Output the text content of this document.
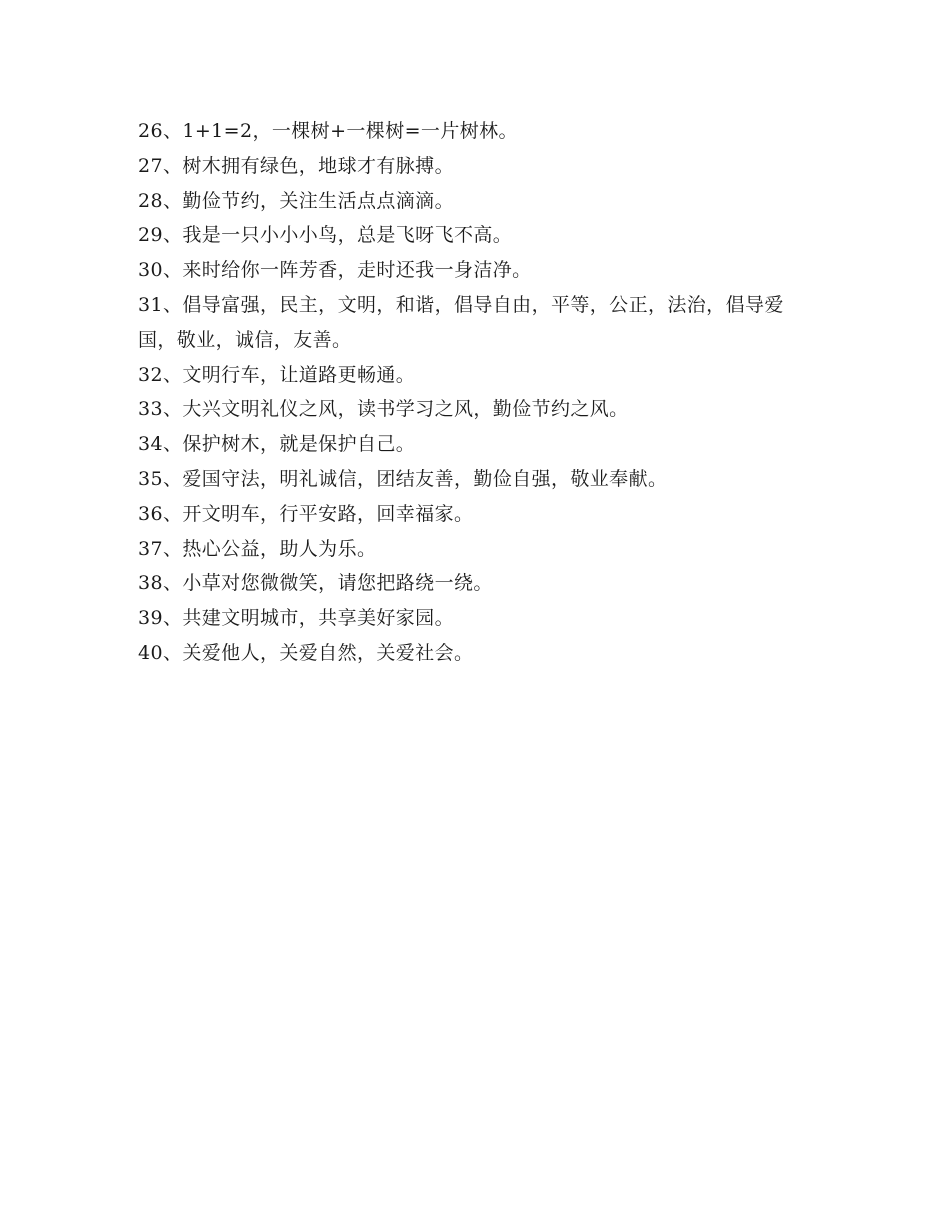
26、1+1=2，一棵树+一棵树=一片树林。

27、树木拥有绿色，地球才有脉搏。

28、勤俭节约，关注生活点点滴滴。

29、我是一只小小小鸟，总是飞呀飞不高。

30、来时给你一阵芳香，走时还我一身洁净。

31、倡导富强，民主，文明，和谐，倡导自由，平等，公正，法治，倡导爱国，敬业，诚信，友善。

32、文明行车，让道路更畅通。

33、大兴文明礼仪之风，读书学习之风，勤俭节约之风。

34、保护树木，就是保护自己。

35、爱国守法，明礼诚信，团结友善，勤俭自强，敬业奉献。

36、开文明车，行平安路，回幸福家。

37、热心公益，助人为乐。

38、小草对您微微笑，请您把路绕一绕。

39、共建文明城市，共享美好家园。

40、关爱他人，关爱自然，关爱社会。
